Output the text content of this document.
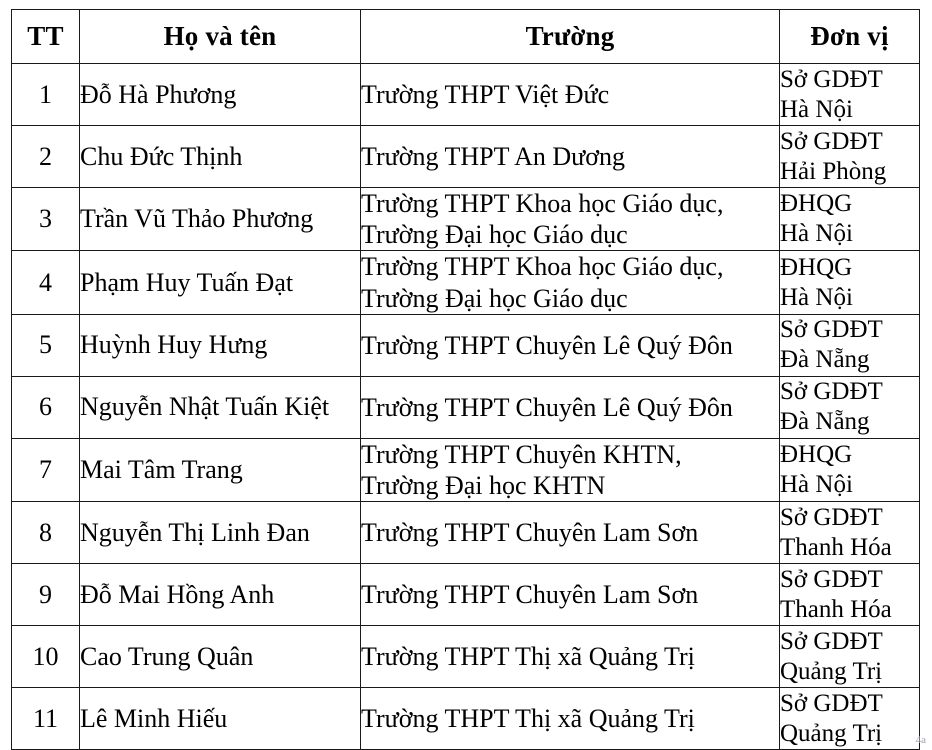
TT	Họ và tên	Trường	Đơn vị
1	Đỗ Hà Phương	Trường THPT Việt Đức	Sở GDĐT
Hà Nội

2	Chu Đức Thịnh	Trường THPT An Dương	Sở GDĐT
Hải Phòng

3	Trần Vũ Thảo Phương	Trường THPT Khoa học Giáo dục,
Trường Đại học Giáo dục	ĐHQG
Hà Nội

4	Phạm Huy Tuấn Đạt	Trường THPT Khoa học Giáo dục,
Trường Đại học Giáo dục	ĐHQG
Hà Nội

5	Huỳnh Huy Hưng	Trường THPT Chuyên Lê Quý Đôn	Sở GDĐT
Đà Nẵng

6	Nguyễn Nhật Tuấn Kiệt	Trường THPT Chuyên Lê Quý Đôn	Sở GDĐT
Đà Nẵng

7	Mai Tâm Trang	Trường THPT Chuyên KHTN,
Trường Đại học KHTN	ĐHQG
Hà Nội

8	Nguyễn Thị Linh Đan	Trường THPT Chuyên Lam Sơn	Sở GDĐT
Thanh Hóa

9	Đỗ Mai Hồng Anh	Trường THPT Chuyên Lam Sơn	Sở GDĐT
Thanh Hóa

10	Cao Trung Quân	Trường THPT Thị xã Quảng Trị	Sở GDĐT
Quảng Trị

11	Lê Minh Hiếu	Trường THPT Thị xã Quảng Trị	Sở GDĐT
Quảng Trị	4a
